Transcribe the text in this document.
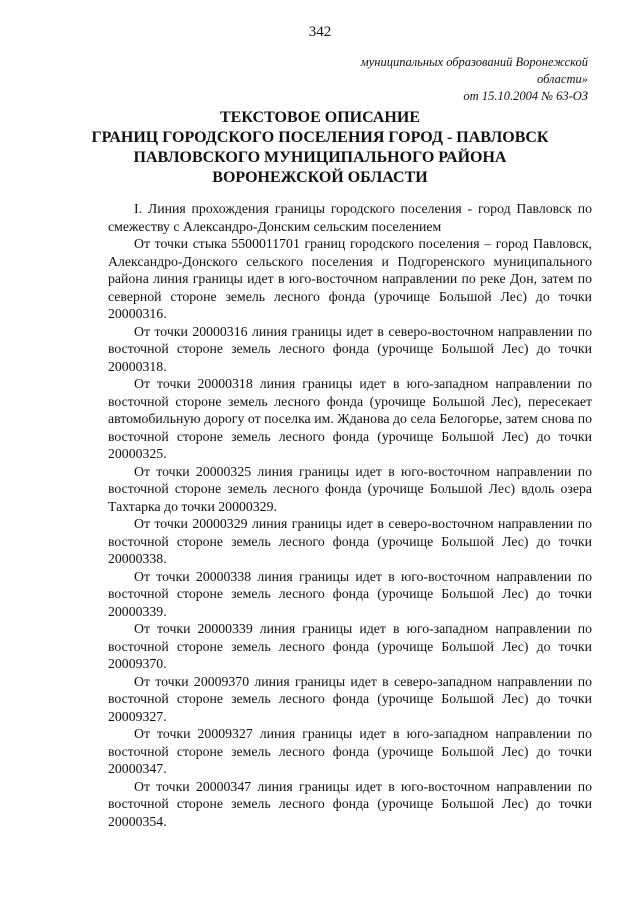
342
муниципальных образований Воронежской
области»
от 15.10.2004 № 63-ОЗ
ТЕКСТОВОЕ ОПИСАНИЕ
ГРАНИЦ ГОРОДСКОГО ПОСЕЛЕНИЯ ГОРОД - ПАВЛОВСК
ПАВЛОВСКОГО МУНИЦИПАЛЬНОГО РАЙОНА
ВОРОНЕЖСКОЙ ОБЛАСТИ

I. Линия прохождения границы городского поселения - город Павловск по смежеству с Александро-Донским сельским поселением

От точки стыка 5500011701 границ городского поселения – город Павловск, Александро-Донского сельского поселения и Подгоренского муниципального района линия границы идет в юго-восточном направлении по реке Дон, затем по северной стороне земель лесного фонда (урочище Большой Лес) до точки 20000316.

От точки 20000316 линия границы идет в северо-восточном направлении по восточной стороне земель лесного фонда (урочище Большой Лес) до точки 20000318.

От точки 20000318 линия границы идет в юго-западном направлении по восточной стороне земель лесного фонда (урочище Большой Лес), пересекает автомобильную дорогу от поселка им. Жданова до села Белогорье, затем снова по восточной стороне земель лесного фонда (урочище Большой Лес) до точки 20000325.

От точки 20000325 линия границы идет в юго-восточном направлении по восточной стороне земель лесного фонда (урочище Большой Лес) вдоль озера Тахтарка до точки 20000329.

От точки 20000329 линия границы идет в северо-восточном направлении по восточной стороне земель лесного фонда (урочище Большой Лес) до точки 20000338.

От точки 20000338 линия границы идет в юго-восточном направлении по восточной стороне земель лесного фонда (урочище Большой Лес) до точки 20000339.

От точки 20000339 линия границы идет в юго-западном направлении по восточной стороне земель лесного фонда (урочище Большой Лес) до точки 20009370.

От точки 20009370 линия границы идет в северо-западном направлении по восточной стороне земель лесного фонда (урочище Большой Лес) до точки 20009327.

От точки 20009327 линия границы идет в юго-западном направлении по восточной стороне земель лесного фонда (урочище Большой Лес) до точки 20000347.

От точки 20000347 линия границы идет в юго-восточном направлении по восточной стороне земель лесного фонда (урочище Большой Лес) до точки 20000354.
